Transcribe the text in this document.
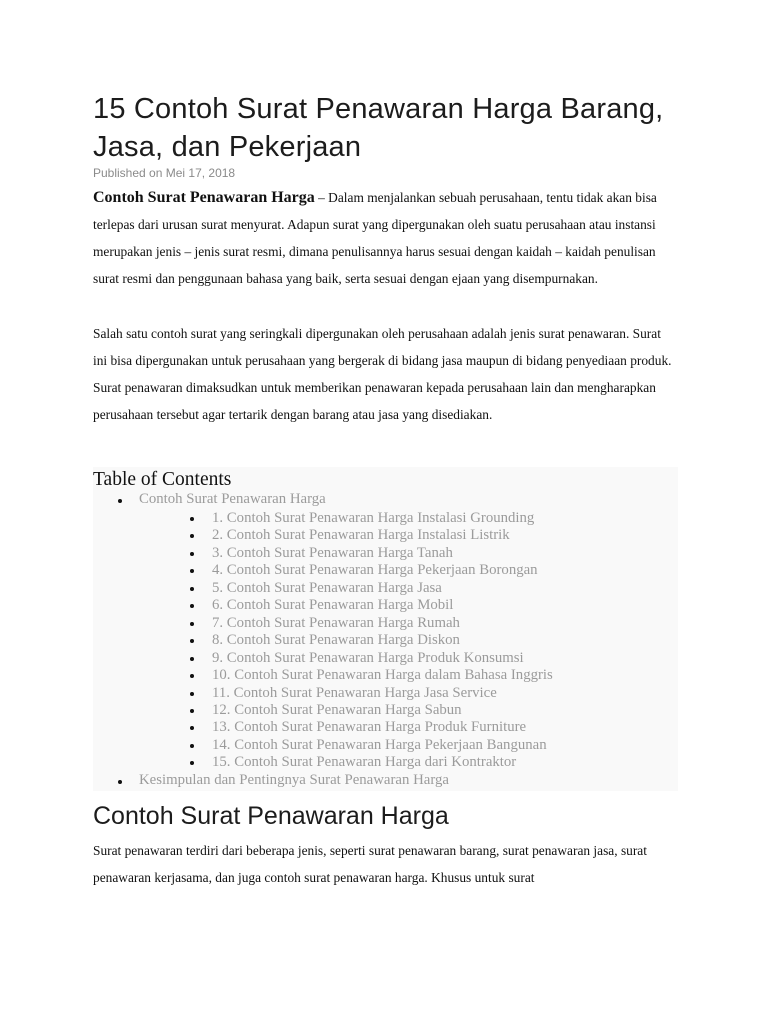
15 Contoh Surat Penawaran Harga Barang, Jasa, dan Pekerjaan
Published on Mei 17, 2018

Contoh Surat Penawaran Harga – Dalam menjalankan sebuah perusahaan, tentu tidak akan bisa terlepas dari urusan surat menyurat. Adapun surat yang dipergunakan oleh suatu perusahaan atau instansi merupakan jenis – jenis surat resmi, dimana penulisannya harus sesuai dengan kaidah – kaidah penulisan surat resmi dan penggunaan bahasa yang baik, serta sesuai dengan ejaan yang disempurnakan.

Salah satu contoh surat yang seringkali dipergunakan oleh perusahaan adalah jenis surat penawaran. Surat ini bisa dipergunakan untuk perusahaan yang bergerak di bidang jasa maupun di bidang penyediaan produk. Surat penawaran dimaksudkan untuk memberikan penawaran kepada perusahaan lain dan mengharapkan perusahaan tersebut agar tertarik dengan barang atau jasa yang disediakan.

Table of Contents
Contoh Surat Penawaran Harga
1. Contoh Surat Penawaran Harga Instalasi Grounding
2. Contoh Surat Penawaran Harga Instalasi Listrik
3. Contoh Surat Penawaran Harga Tanah
4. Contoh Surat Penawaran Harga Pekerjaan Borongan
5. Contoh Surat Penawaran Harga Jasa
6. Contoh Surat Penawaran Harga Mobil
7. Contoh Surat Penawaran Harga Rumah
8. Contoh Surat Penawaran Harga Diskon
9. Contoh Surat Penawaran Harga Produk Konsumsi
10. Contoh Surat Penawaran Harga dalam Bahasa Inggris
11. Contoh Surat Penawaran Harga Jasa Service
12. Contoh Surat Penawaran Harga Sabun
13. Contoh Surat Penawaran Harga Produk Furniture
14. Contoh Surat Penawaran Harga Pekerjaan Bangunan
15. Contoh Surat Penawaran Harga dari Kontraktor
Kesimpulan dan Pentingnya Surat Penawaran Harga
Contoh Surat Penawaran Harga

Surat penawaran terdiri dari beberapa jenis, seperti surat penawaran barang, surat penawaran jasa, surat penawaran kerjasama, dan juga contoh surat penawaran harga. Khusus untuk surat
